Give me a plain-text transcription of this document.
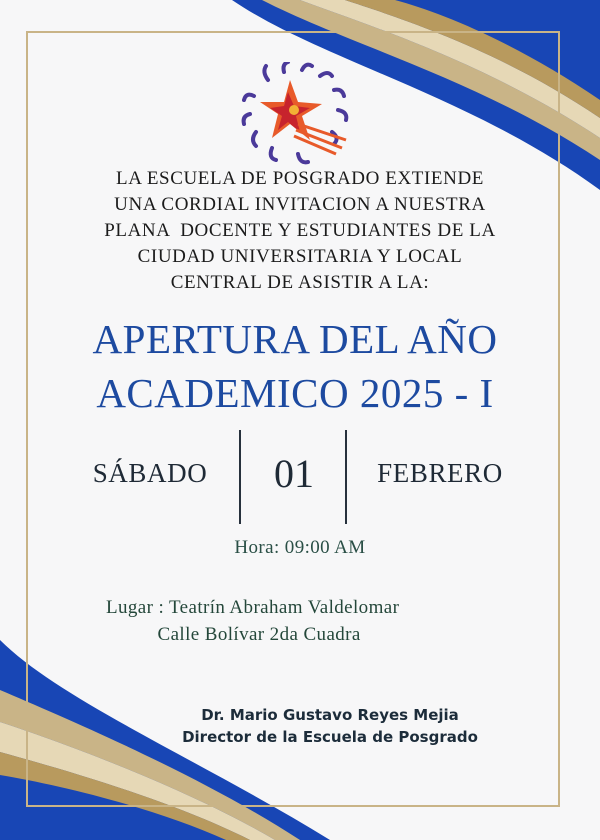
LA ESCUELA DE POSGRADO EXTIENDE
UNA CORDIAL INVITACION A NUESTRA
PLANA  DOCENTE Y ESTUDIANTES DE LA
CIUDAD UNIVERSITARIA Y LOCAL
CENTRAL DE ASISTIR A LA:
APERTURA DEL AÑO
ACADEMICO 2025 - I
SÁBADO	01	FEBRERO
Hora: 09:00 AM
Lugar : Teatrín Abraham Valdelomar
Calle Bolívar 2da Cuadra
Dr. Mario Gustavo Reyes Mejia
Director de la Escuela de Posgrado
